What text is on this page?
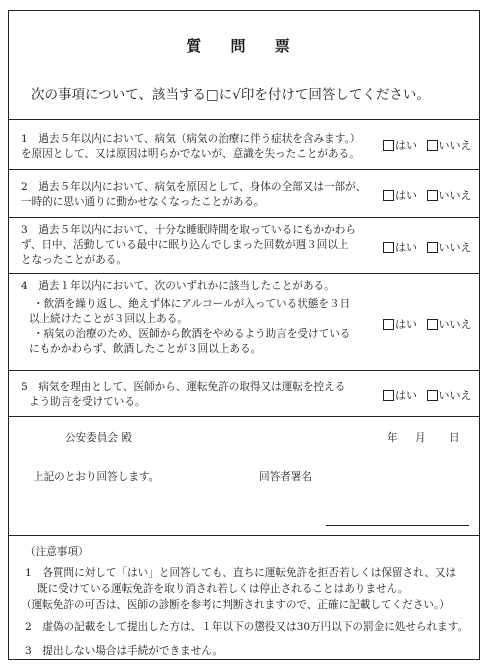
質 問 票
次の事項について、該当する□に√印を付けて回答してください。
1　過去５年以内において、病気（病気の治療に伴う症状を含みます。）
を原因として、又は原因は明らかでないが、意識を失ったことがある。
はい いいえ
2　過去５年以内において、病気を原因として、身体の全部又は一部が、
一時的に思い通りに動かせなくなったことがある。	はい いいえ
3　過去５年以内において、十分な睡眠時間を取っているにもかかわら
ず、日中、活動している最中に眠り込んでしまった回数が週３回以上
となったことがある。
はい いいえ
4　過去１年以内において、次のいずれかに該当したことがある。
・飲酒を繰り返し、絶えず体にアルコールが入っている状態を３日
以上続けたことが３回以上ある。
・病気の治療のため、医師から飲酒をやめるよう助言を受けている
にもかかわらず、飲酒したことが３回以上ある。
はい いいえ
5　病気を理由として、医師から、運転免許の取得又は運転を控える
よう助言を受けている。	はい いいえ
公安委員会 殿	年 月 日
上記のとおり回答します。	回答者署名
（注意事項）
1　各質問に対して「はい」と回答しても、直ちに運転免許を拒否若しくは保留され、又は
既に受けている運転免許を取り消され若しくは停止されることはありません。
（運転免許の可否は、医師の診断を参考に判断されますので、正確に記載してください。）
2　虚偽の記載をして提出した方は、１年以下の懲役又は30万円以下の罰金に処せられます。
3　提出しない場合は手続ができません。
